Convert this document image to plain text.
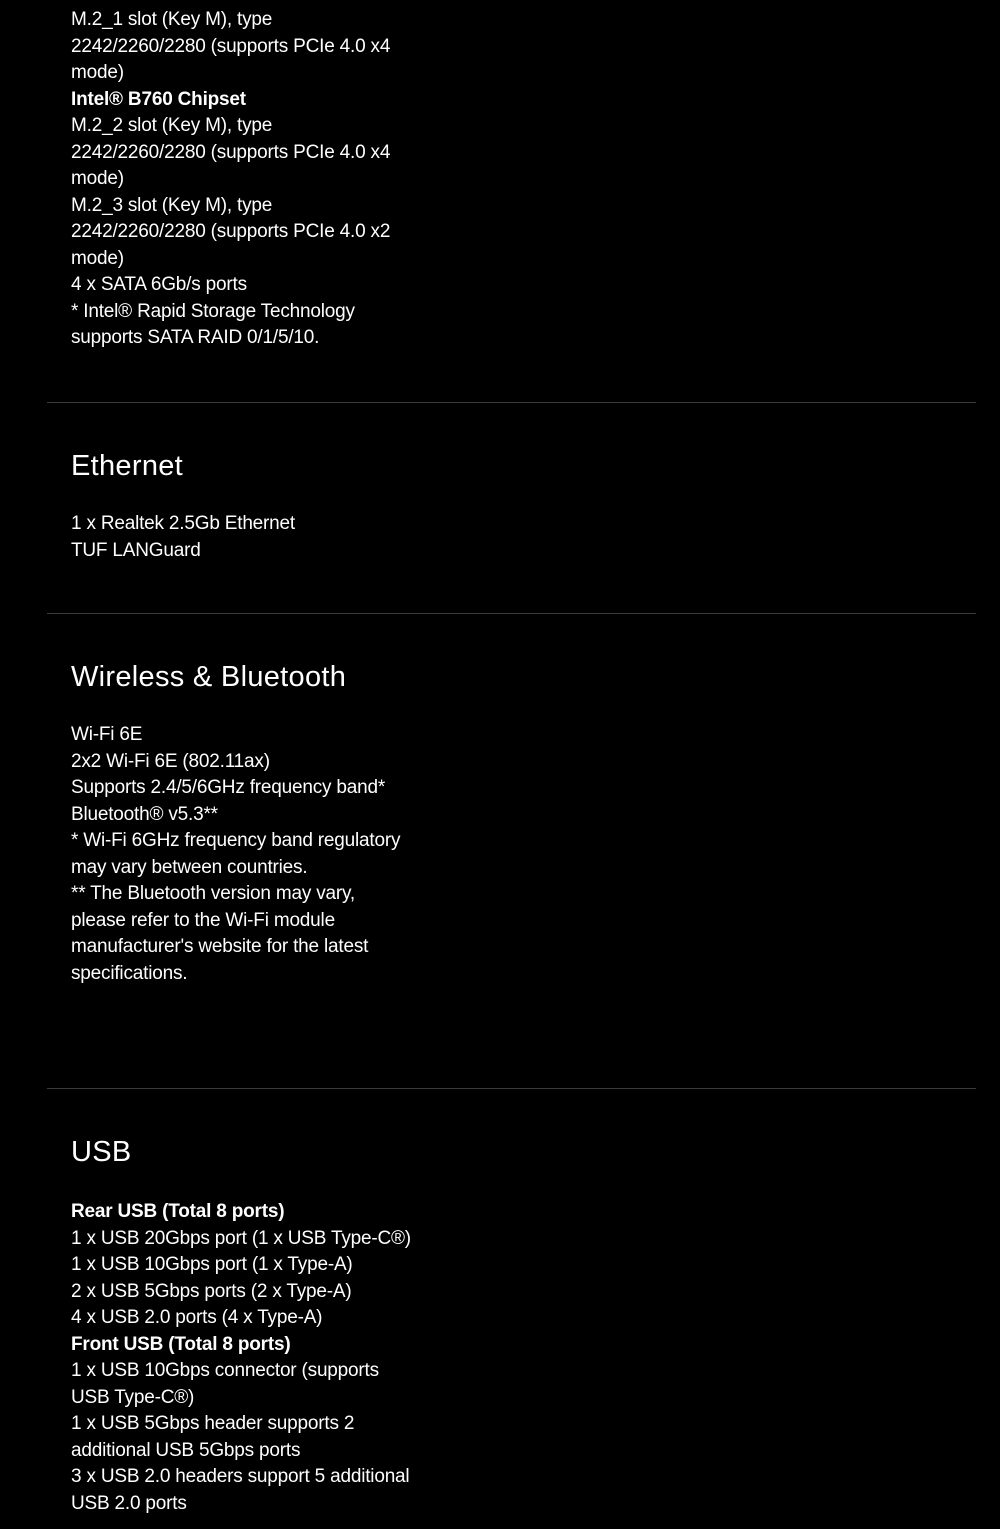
M.2_1 slot (Key M), type 2242/2260/2280 (supports PCIe 4.0 x4 mode)
Intel® B760 Chipset
M.2_2 slot (Key M), type 2242/2260/2280 (supports PCIe 4.0 x4 mode)
M.2_3 slot (Key M), type 2242/2260/2280 (supports PCIe 4.0 x2 mode)
4 x SATA 6Gb/s ports
* Intel® Rapid Storage Technology supports SATA RAID 0/1/5/10.
Ethernet
1 x Realtek 2.5Gb Ethernet
TUF LANGuard
Wireless & Bluetooth
Wi-Fi 6E
2x2 Wi-Fi 6E (802.11ax)
Supports 2.4/5/6GHz frequency band*
Bluetooth® v5.3**
* Wi-Fi 6GHz frequency band regulatory may vary between countries.
** The Bluetooth version may vary, please refer to the Wi-Fi module manufacturer's website for the latest specifications.
USB
Rear USB (Total 8 ports)
1 x USB 20Gbps port (1 x USB Type-C®)
1 x USB 10Gbps port (1 x Type-A)
2 x USB 5Gbps ports (2 x Type-A)
4 x USB 2.0 ports (4 x Type-A)
Front USB (Total 8 ports)
1 x USB 10Gbps connector (supports USB Type-C®)
1 x USB 5Gbps header supports 2 additional USB 5Gbps ports
3 x USB 2.0 headers support 5 additional USB 2.0 ports
